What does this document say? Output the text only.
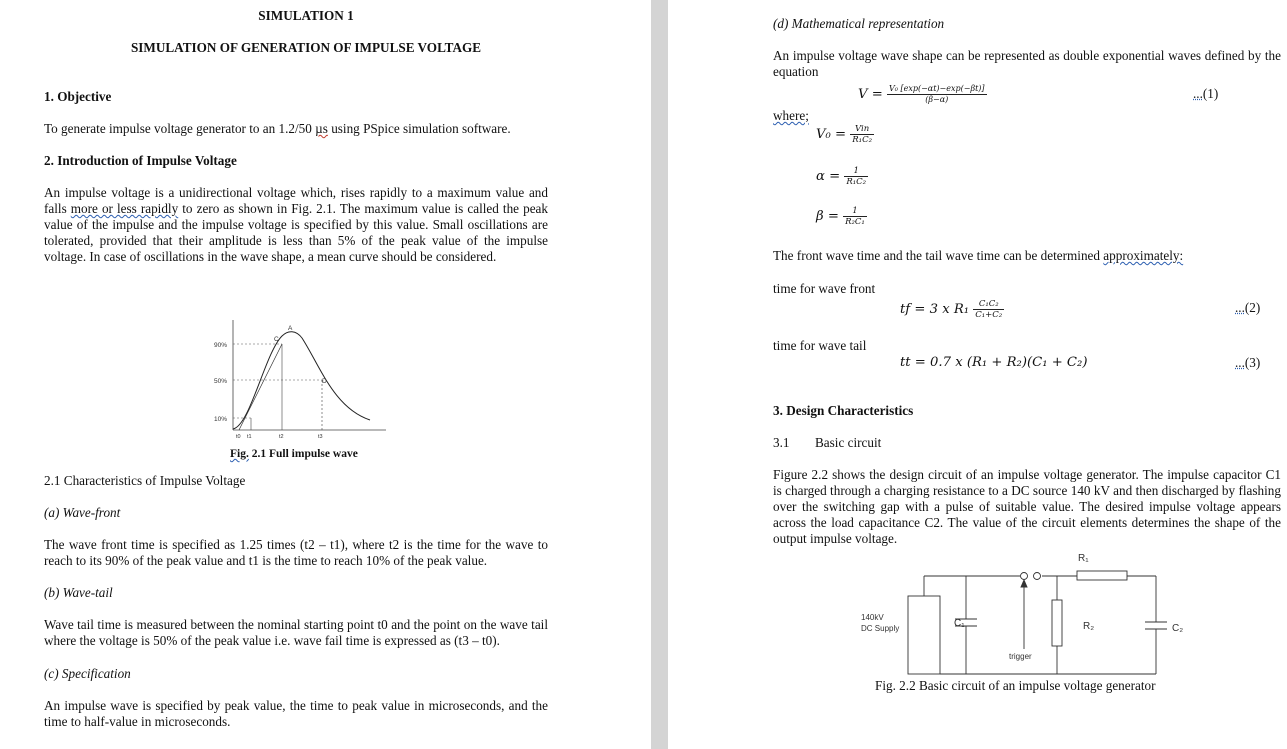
SIMULATION 1
SIMULATION OF GENERATION OF IMPULSE VOLTAGE
1. Objective
To generate impulse voltage generator to an 1.2/50 µs using PSpice simulation software.
2. Introduction of Impulse Voltage
An impulse voltage is a unidirectional voltage which, rises rapidly to a maximum value and falls more or less rapidly to zero as shown in Fig. 2.1. The maximum value is called the peak value of the impulse and the impulse voltage is specified by this value. Small oscillations are tolerated, provided that their amplitude is less than 5% of the peak value of the impulse voltage. In case of oscillations in the wave shape, a mean curve should be considered.
90%
50%
10%
A
C
D
t0 t1	t2	t3
Fig. 2.1 Full impulse wave
2.1 Characteristics of Impulse Voltage
(a) Wave-front
The wave front time is specified as 1.25 times (t2 – t1), where t2 is the time for the wave to reach to its 90% of the peak value and t1 is the time to reach 10% of the peak value.
(b) Wave-tail
Wave tail time is measured between the nominal starting point t0 and the point on the wave tail where the voltage is 50% of the peak value i.e. wave fail time is expressed as (t3 – t0).
(c) Specification
An impulse wave is specified by peak value, the time to peak value in microseconds, and the time to half-value in microseconds.
(d) Mathematical representation
An impulse voltage wave shape can be represented as double exponential waves defined by the equation
$V = \frac{\text{V₀ [exp(−αt)−exp(−βt)]}}{(\beta-\alpha)}$	...(1)
where;
$V_0 = \frac{\text{Vin}}{\text{R₁C₂}}$
$\alpha = \frac{1}{\text{R₁C₂}}$
$\beta = \frac{1}{\text{R₂C₁}}$
The front wave time and the tail wave time can be determined approximately:
time for wave front
tf = 3 x $R_1 \frac{\text{C₁C₂}}{\text{C₁+C₂}}$	...(2)
time for wave tail
tt = 0.7 x (R₁ + R₂)(C₁ + C₂)	...(3)
3. Design Characteristics
3.1 Basic circuit
Figure 2.2 shows the design circuit of an impulse voltage generator. The impulse capacitor C1 is charged through a charging resistance to a DC source 140 kV and then discharged by flashing over the switching gap with a pulse of suitable value. The desired impulse voltage appears across the load capacitance C2. The value of the circuit elements determines the shape of the output impulse voltage.
140kV
DC Supply	C₁
R₁
R₂	C₂
trigger
Fig. 2.2 Basic circuit of an impulse voltage generator
